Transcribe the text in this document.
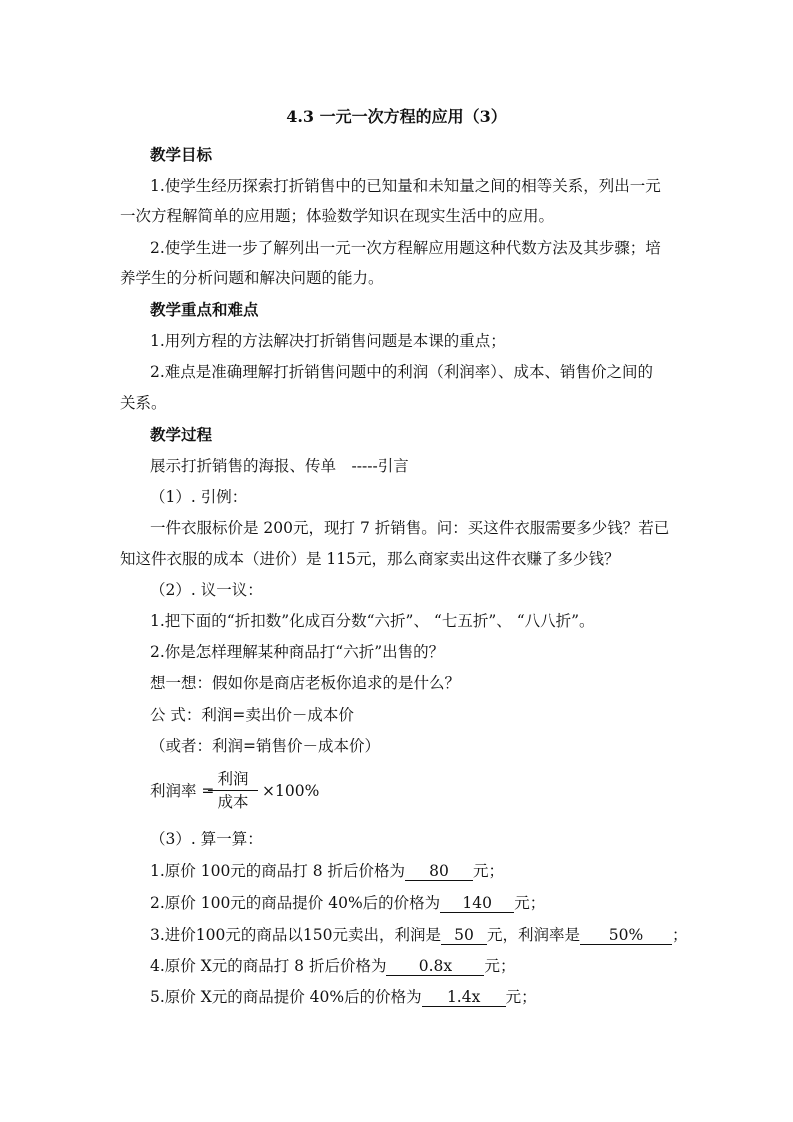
4.3 一元一次方程的应用（3）
教学目标
1.使学生经历探索打折销售中的已知量和未知量之间的相等关系，列出一元
一次方程解简单的应用题；体验数学知识在现实生活中的应用。
2.使学生进一步了解列出一元一次方程解应用题这种代数方法及其步骤；培
养学生的分析问题和解决问题的能力。
教学重点和难点
1.用列方程的方法解决打折销售问题是本课的重点；
2.难点是准确理解打折销售问题中的利润（利润率）、成本、销售价之间的
关系。
教学过程
展示打折销售的海报、传单　-----引言
（1）. 引例：
一件衣服标价是 200元，现打 7 折销售。问：买这件衣服需要多少钱？若已
知这件衣服的成本（进价）是 115元，那么商家卖出这件衣赚了多少钱？
（2）. 议一议：
1.把下面的“折扣数”化成百分数“六折”、 “七五折”、 “八八折”。
2.你是怎样理解某种商品打“六折”出售的？
想一想：假如你是商店老板你追求的是什么？
公 式：利润=卖出价－成本价
（或者：利润=销售价－成本价）
利润率 =
利润
成本
×100%
（3）. 算一算：
1.原价 100元的商品打 8 折后价格为 80 元；
2.原价 100元的商品提价 40%后的价格为 140 元；
3.进价100元的商品以150元卖出，利润是 50 元，利润率是 50% ；
4.原价 X元的商品打 8 折后价格为 0.8x 元；
5.原价 X元的商品提价 40%后的价格为 1.4x 元；
